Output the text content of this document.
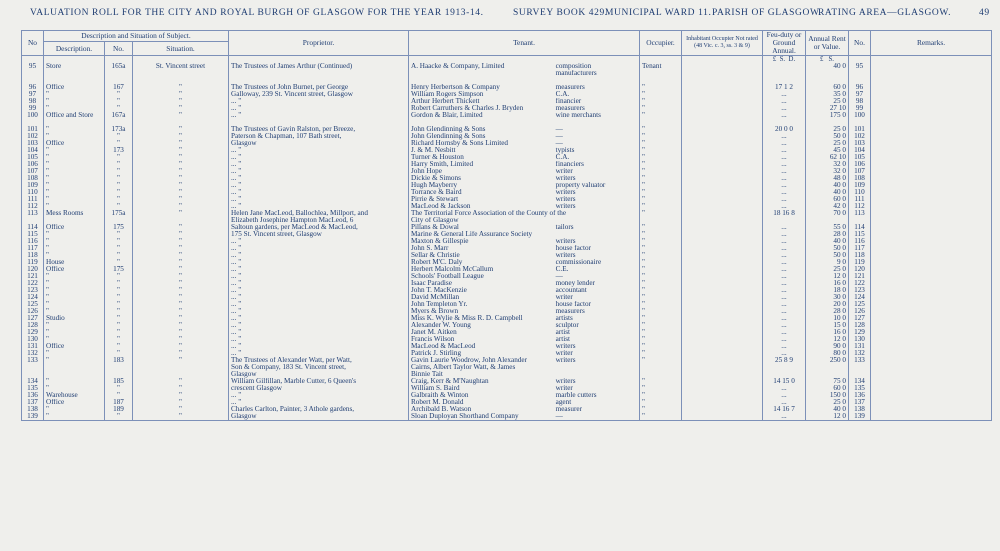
VALUATION ROLL FOR THE CITY AND ROYAL BURGH OF GLASGOW FOR THE YEAR 1913-14.	SURVEY BOOK 429.
MUNICIPAL WARD 11. PARISH OF GLASGOW.
RATING AREA—GLASGOW.	49
No	Description and Situation of Subject.			Proprietor.	Tenant.	Occupier.	Inhabitant Occupier Not rated (48 Vic. c. 3, ss. 3 & 9)	Feu-duty or Ground Annual.	Annual Rent or Value.	No.	Remarks.
	Description.	No.	Situation.								
								£ S. D.	£ S.		
95	Store	165a	St. Vincent street	The Trustees of James Arthur (Continued)	A. Haacke & Company, Limited composition	Tenant			40 0	95	
					manufacturers						

96	Office	167	"	The Trustees of John Burnet, per George	Henry Herbertson & Company measurers	"		17 1 2	60 0	96	
97	"	"	"	Galloway, 239 St. Vincent street, Glasgow	William Rogers Simpson C.A.	"		...	35 0	97	
98	"	"	"	... "	Arthur Herbert Thickett financier	"		...	25 0	98	
99	"	"	"	... "	Robert Carruthers & Charles J. Bryden measurers	"		...	27 10	99	
100	Office and Store	167a	"	... "	Gordon & Blair, Limited wine merchants	"		...	175 0	100	

101	"	173a	"	The Trustees of Gavin Ralston, per Breeze,	John Glendinning & Sons —	"		20 0 0	25 0	101	
102	"	"	"	Paterson & Chapman, 107 Bath street,	John Glendinning & Sons —	"		...	50 0	102	
103	Office	"	"	Glasgow	Richard Hornsby & Sons Limited —	"		...	25 0	103	
104	"	173	"	... "	J. & M. Nesbitt typists	"		...	45 0	104	
105	"	"	"	... "	Turner & Houston C.A.	"		...	62 10	105	
106	"	"	"	... "	Harry Smith, Limited financiers	"		...	32 0	106	
107	"	"	"	... "	John Hope writer	"		...	32 0	107	
108	"	"	"	... "	Dickie & Simons writers	"		...	48 0	108	
109	"	"	"	... "	Hugh Mayberry property valuator	"		...	40 0	109	
110	"	"	"	... "	Torrance & Baird writers	"		...	40 0	110	
111	"	"	"	... "	Pirrie & Stewart writers	"		...	60 0	111	
112	"	"	"	... "	MacLeod & Jackson writers	"		...	42 0	112	
113	Mess Rooms	175a	"	Helen Jane MacLeod, Ballochlea, Millport, and	The Territorial Force Association of the County of the	"		18 16 8	70 0	113	
				Elizabeth Josephine Hampton MacLeod, 6	City of Glasgow						
114	Office	175	"	Saltoun gardens, per MacLeod & MacLeod,	Pillans & Dowal tailors	"		...	55 0	114	
115	"	"	"	175 St. Vincent street, Glasgow	Marine & General Life Assurance Society	"		...	28 0	115	
116	"	"	"	... "	Maxton & Gillespie writers	"		...	40 0	116	
117	"	"	"	... "	John S. Marr house factor	"		...	50 0	117	
118	"	"	"	... "	Sellar & Christie writers	"		...	50 0	118	
119	House	"	"	... "	Robert M'C. Daly commissionaire	"		...	9 0	119	
120	Office	175	"	... "	Herbert Malcolm McCallum C.E.	"		...	25 0	120	
121	"	"	"	... "	Schools' Football League —	"		...	12 0	121	
122	"	"	"	... "	Isaac Paradise money lender	"		...	16 0	122	
123	"	"	"	... "	John T. MacKenzie accountant	"		...	18 0	123	
124	"	"	"	... "	David McMillan writer	"		...	30 0	124	
125	"	"	"	... "	John Templeton Yr. house factor	"		...	20 0	125	
126	"	"	"	... "	Myers & Brown measurers	"		...	28 0	126	
127	Studio	"	"	... "	Miss K. Wylie & Miss R. D. Campbell artists	"		...	10 0	127	
128	"	"	"	... "	Alexander W. Young sculptor	"		...	15 0	128	
129	"	"	"	... "	Janet M. Aitken artist	"		...	16 0	129	
130	"	"	"	... "	Francis Wilson artist	"		...	12 0	130	
131	Office	"	"	... "	MacLeod & MacLeod writers	"		...	90 0	131	
132	"	"	"	... "	Patrick J. Stirling writer	"		...	80 0	132	
133	"	183	"	The Trustees of Alexander Watt, per Watt,	Gavin Laurie Woodrow, John Alexander writers	"		25 8 9	250 0	133	
				Son & Company, 183 St. Vincent street,	Cairns, Albert Taylor Watt, & James						
				Glasgow	Binnie Tait						
134	"	185	"	William Gilfillan, Marble Cutter, 6 Queen's	Craig, Kerr & M'Naughtan writers	"		14 15 0	75 0	134	
135	"	"	"	crescent Glasgow	William S. Baird writer	"		...	60 0	135	
136	Warehouse	"	"	... "	Galbraith & Winton marble cutters	"		...	150 0	136	
137	Office	187	"	... "	Robert M. Donald agent	"		...	25 0	137	
138	"	189	"	Charles Carlton, Painter, 3 Athole gardens,	Archibald B. Watson measurer	"		14 16 7	40 0	138	
139	"	"	"	Glasgow	Sloan Duployan Shorthand Company —	"		...	12 0	139	
